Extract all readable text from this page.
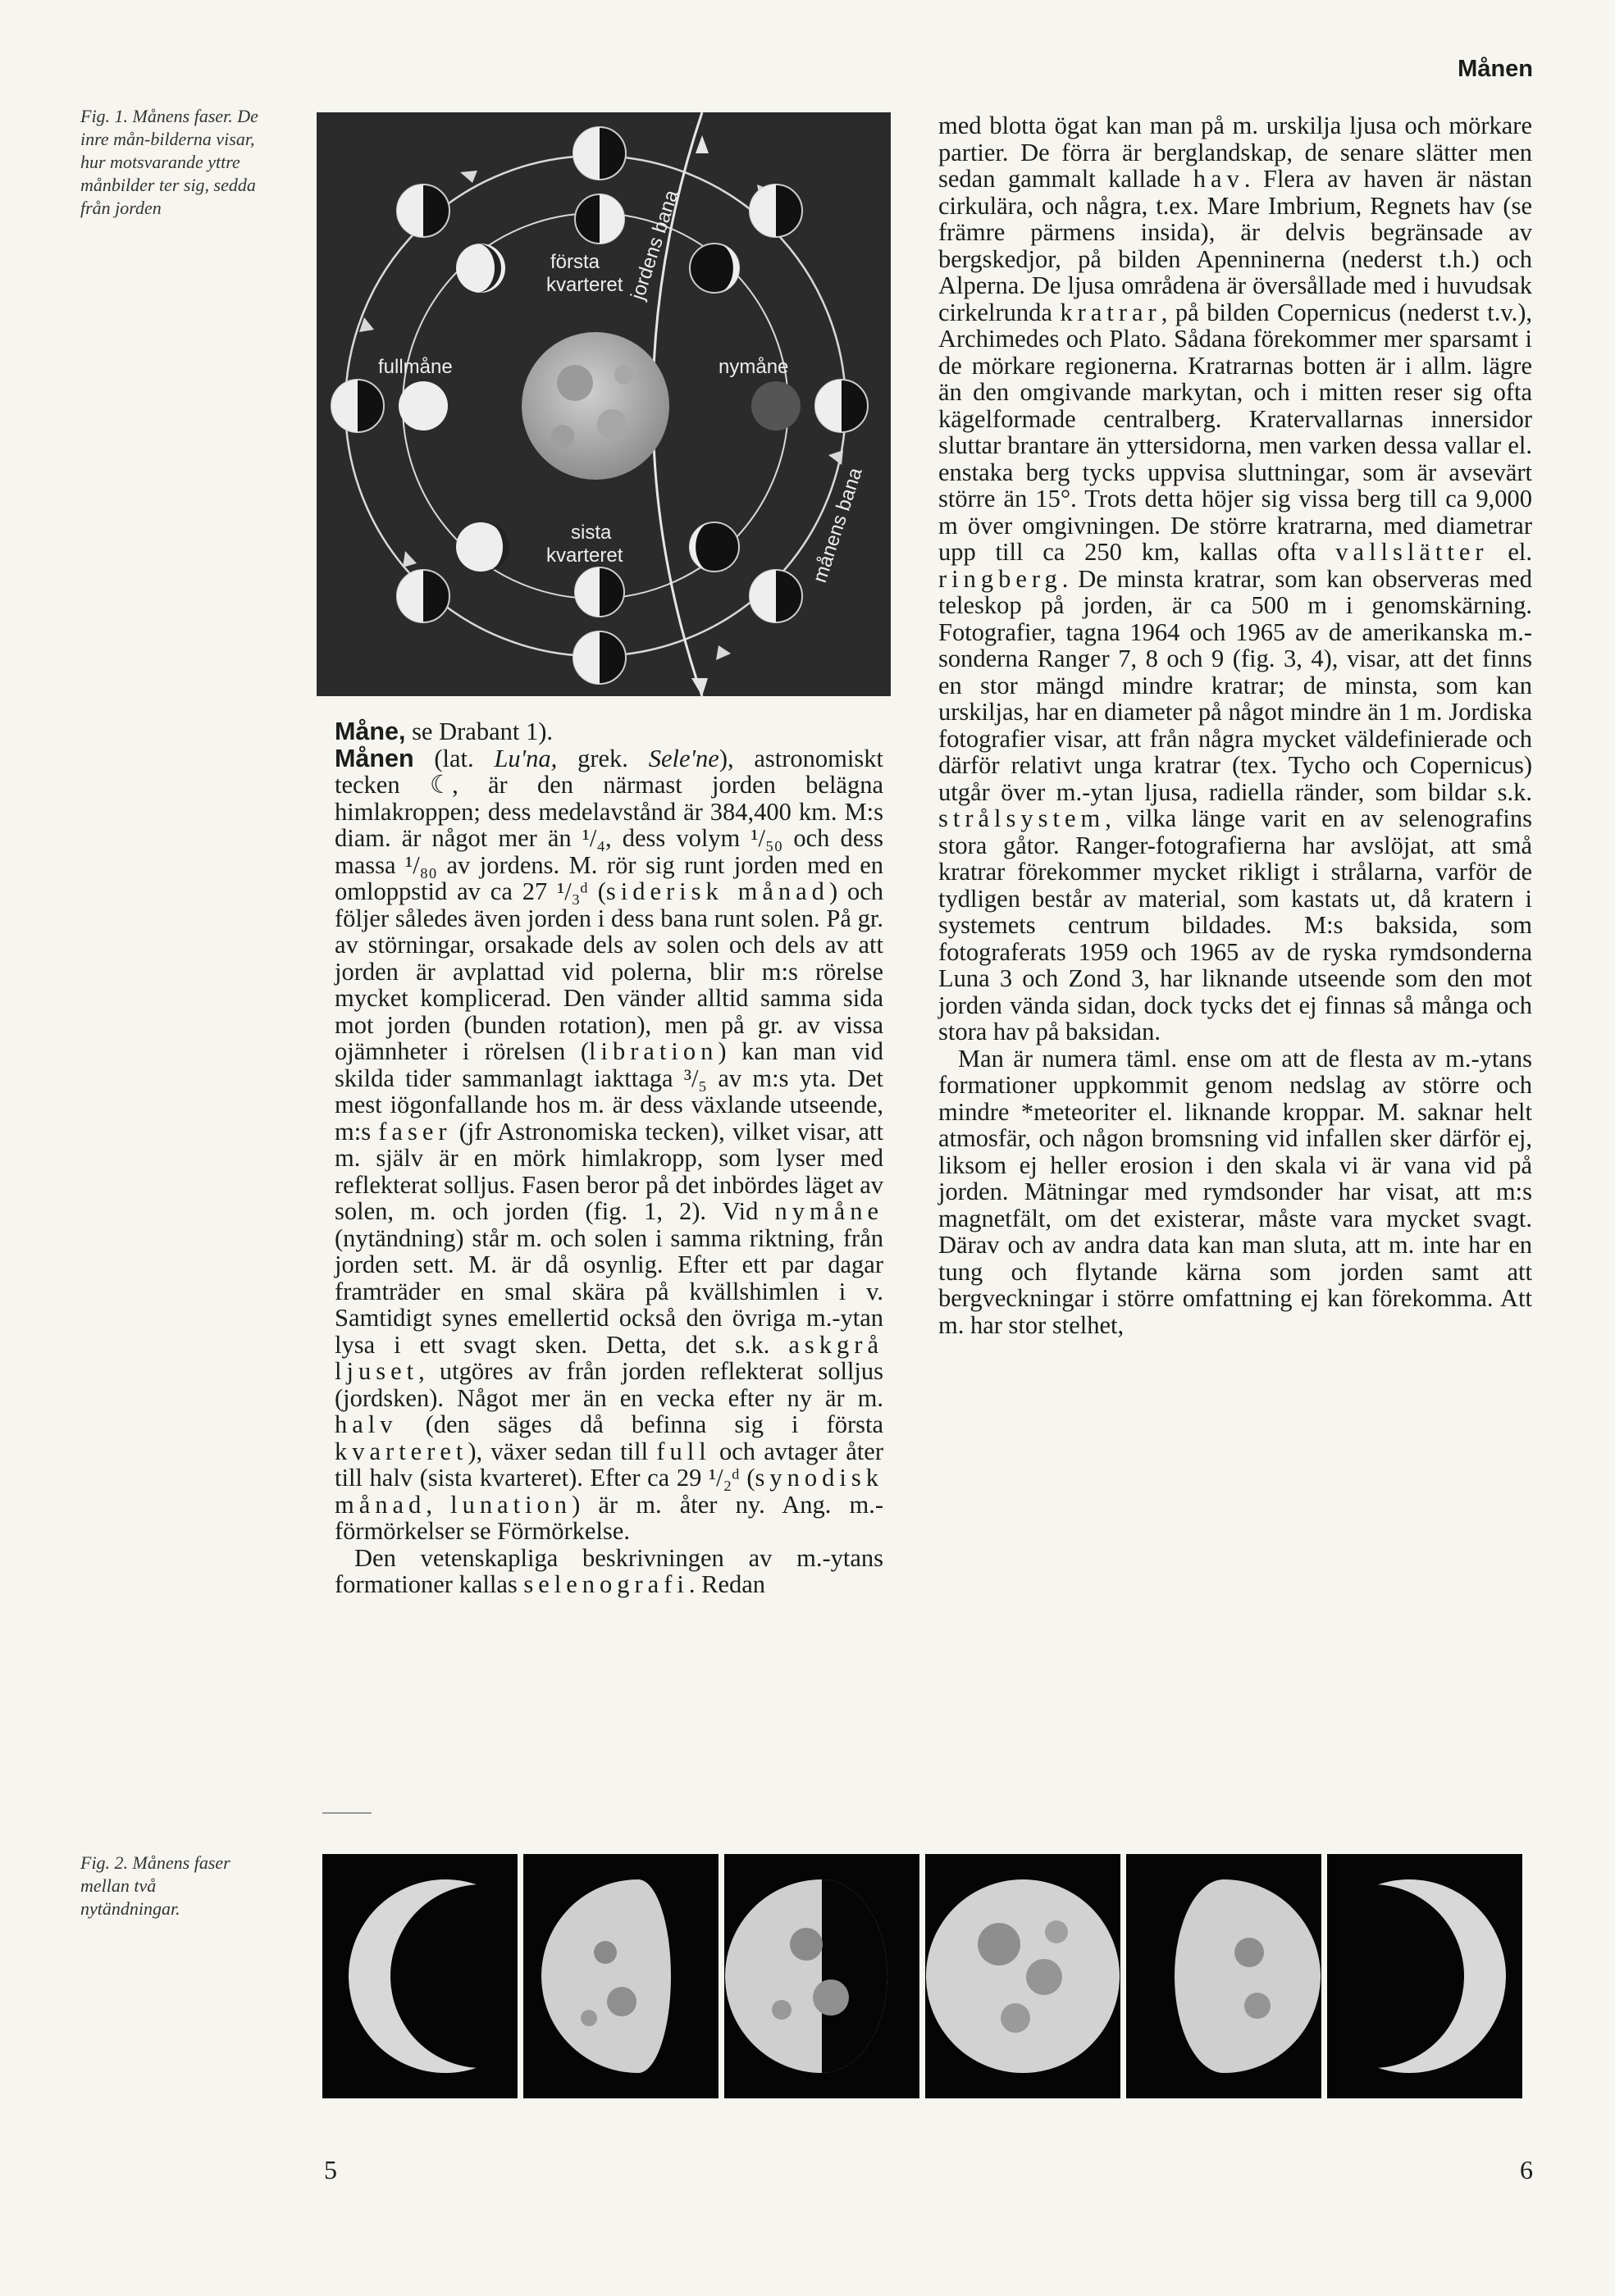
Månen
Fig. 1. Månens faser. De inre mån-bilderna visar, hur motsvarande yttre månbilder ter sig, sedda från jorden
första
kvarteret
fullmåne	nymåne
sista
kvarteret
jordens bana
månens bana

Måne, se Drabant 1).

Månen (lat. Lu'na, grek. Sele'ne), astronomiskt tecken ☾, är den närmast jorden belägna himlakroppen; dess medelavstånd är 384,400 km. M:s diam. är något mer än ¹/₄, dess volym ¹/₅₀ och dess massa ¹/₈₀ av jordens. M. rör sig runt jorden med en omloppstid av ca 27 ¹/₃ᵈ (siderisk månad) och följer således även jorden i dess bana runt solen. På gr. av störningar, orsakade dels av solen och dels av att jorden är avplattad vid polerna, blir m:s rörelse mycket komplicerad. Den vänder alltid samma sida mot jorden (bunden rotation), men på gr. av vissa ojämnheter i rörelsen (libration) kan man vid skilda tider sammanlagt iakttaga ³/₅ av m:s yta. Det mest iögonfallande hos m. är dess växlande utseende, m:s faser (jfr Astronomiska tecken), vilket visar, att m. själv är en mörk himlakropp, som lyser med reflekterat solljus. Fasen beror på det inbördes läget av solen, m. och jorden (fig. 1, 2). Vid nymåne (nytändning) står m. och solen i samma riktning, från jorden sett. M. är då osynlig. Efter ett par dagar framträder en smal skära på kvällshimlen i v. Samtidigt synes emellertid också den övriga m.-ytan lysa i ett svagt sken. Detta, det s.k. askgrå ljuset, utgöres av från jorden reflekterat solljus (jordsken). Något mer än en vecka efter ny är m. halv (den säges då befinna sig i första kvarteret), växer sedan till full och avtager åter till halv (sista kvarteret). Efter ca 29 ¹/₂ᵈ (synodisk månad, lunation) är m. åter ny. Ang. m.-förmörkelser se Förmörkelse.

Den vetenskapliga beskrivningen av m.-ytans formationer kallas selenografi. Redan

med blotta ögat kan man på m. urskilja ljusa och mörkare partier. De förra är berglandskap, de senare slätter men sedan gammalt kallade hav. Flera av haven är nästan cirkulära, och några, t.ex. Mare Imbrium, Regnets hav (se främre pärmens insida), är delvis begränsade av bergskedjor, på bilden Apenninerna (nederst t.h.) och Alperna. De ljusa områdena är översållade med i huvudsak cirkelrunda kratrar, på bilden Copernicus (nederst t.v.), Archimedes och Plato. Sådana förekommer mer sparsamt i de mörkare regionerna. Kratrarnas botten är i allm. lägre än den omgivande markytan, och i mitten reser sig ofta kägelformade centralberg. Kratervallarnas innersidor sluttar brantare än yttersidorna, men varken dessa vallar el. enstaka berg tycks uppvisa sluttningar, som är avsevärt större än 15°. Trots detta höjer sig vissa berg till ca 9,000 m över omgivningen. De större kratrarna, med diametrar upp till ca 250 km, kallas ofta vallslätter el. ringberg. De minsta kratrar, som kan observeras med teleskop på jorden, är ca 500 m i genomskärning. Fotografier, tagna 1964 och 1965 av de amerikanska m.-sonderna Ranger 7, 8 och 9 (fig. 3, 4), visar, att det finns en stor mängd mindre kratrar; de minsta, som kan urskiljas, har en diameter på något mindre än 1 m. Jordiska fotografier visar, att från några mycket väldefinierade och därför relativt unga kratrar (tex. Tycho och Copernicus) utgår över m.-ytan ljusa, radiella ränder, som bildar s.k. strålsystem, vilka länge varit en av selenografins stora gåtor. Ranger-fotografierna har avslöjat, att små kratrar förekommer mycket rikligt i strålarna, varför de tydligen består av material, som kastats ut, då kratern i systemets centrum bildades. M:s baksida, som fotograferats 1959 och 1965 av de ryska rymdsonderna Luna 3 och Zond 3, har liknande utseende som den mot jorden vända sidan, dock tycks det ej finnas så många och stora hav på baksidan.

Man är numera täml. ense om att de flesta av m.-ytans formationer uppkommit genom nedslag av större och mindre *meteoriter el. liknande kroppar. M. saknar helt atmosfär, och någon bromsning vid infallen sker därför ej, liksom ej heller erosion i den skala vi är vana vid på jorden. Mätningar med rymdsonder har visat, att m:s magnetfält, om det existerar, måste vara mycket svagt. Därav och av andra data kan man sluta, att m. inte har en tung och flytande kärna som jorden samt att bergveckningar i större omfattning ej kan förekomma. Att m. har stor stelhet,

Fig. 2. Månens faser mellan två nytändningar.
5	6
